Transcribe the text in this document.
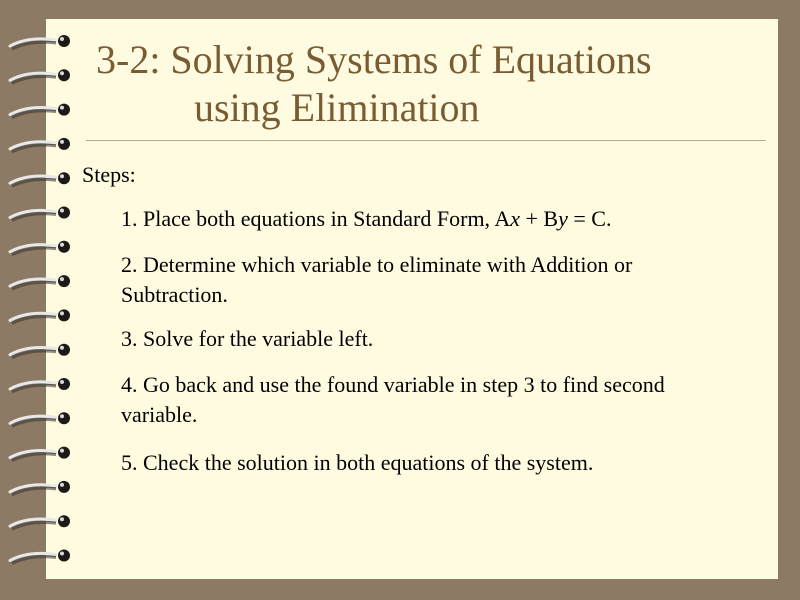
3-2: Solving Systems of Equations
using Elimination
Steps:
1. Place both equations in Standard Form, Ax + By = C.
2. Determine which variable to eliminate with Addition or Subtraction.
3. Solve for the variable left.
4. Go back and use the found variable in step 3 to find second variable.
5. Check the solution in both equations of the system.
